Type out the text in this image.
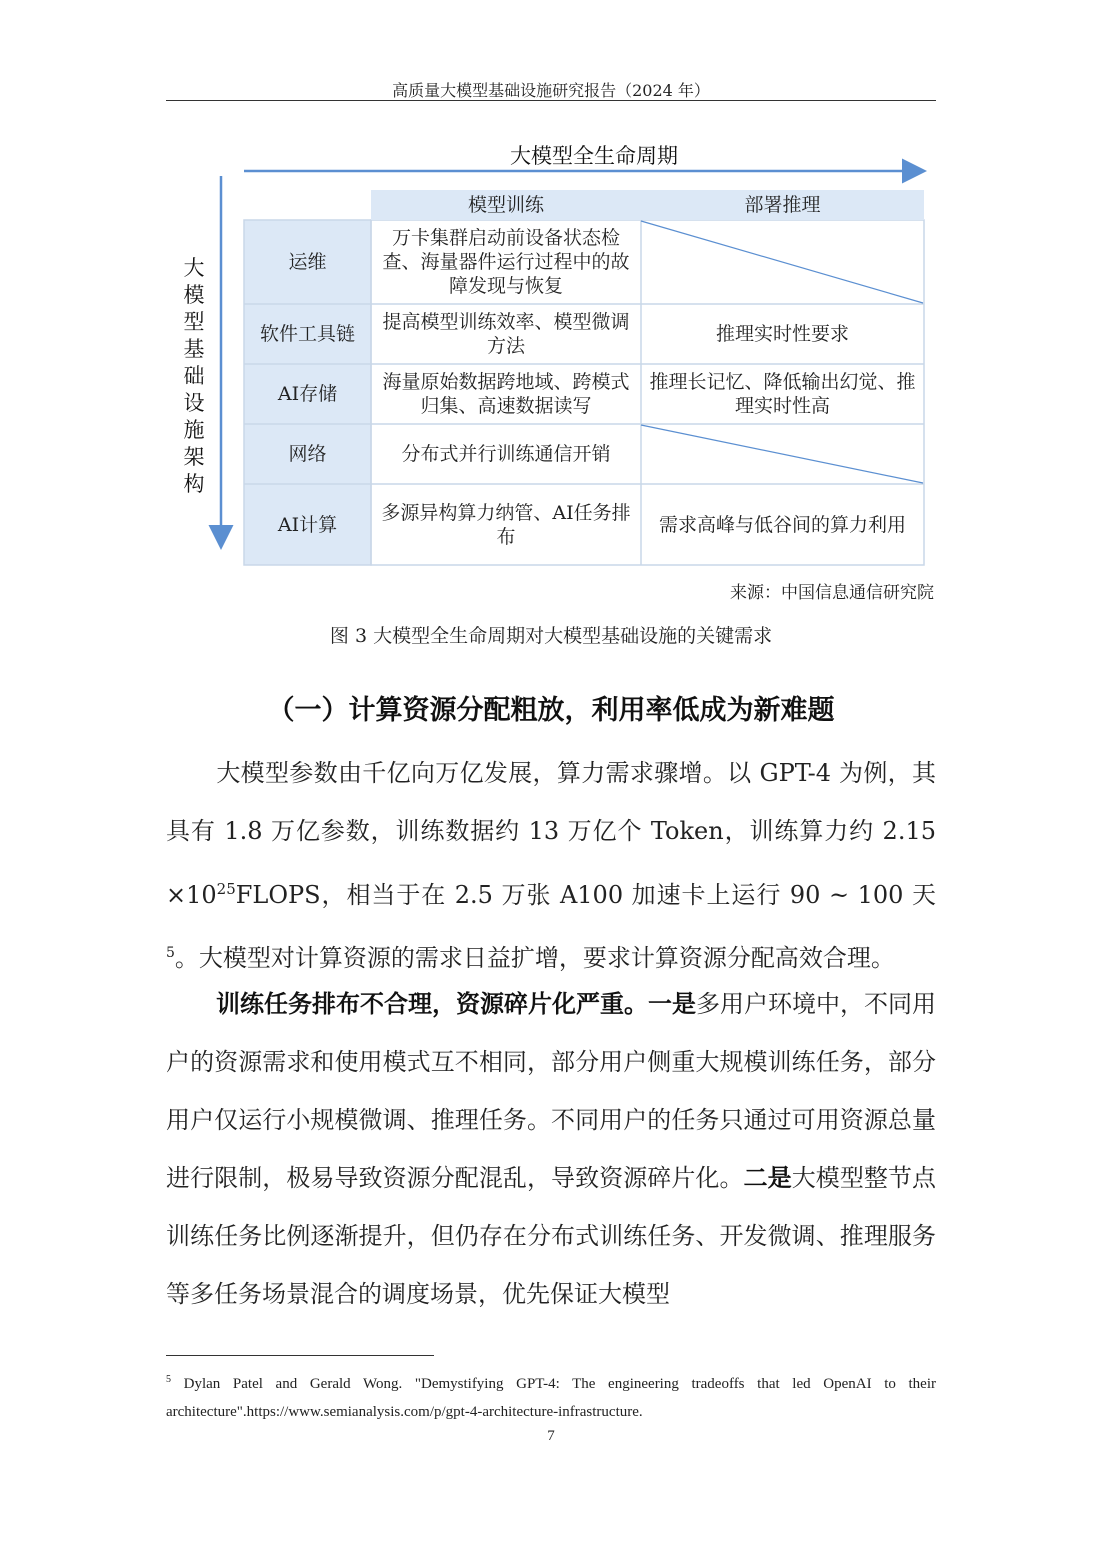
高质量大模型基础设施研究报告（2024 年）
大模型全生命周期
大
模
型
基
础
设
施
架
构
模型训练	部署推理
运维
软件工具链
AI存储
网络
AI计算
万卡集群启动前设备状态检查、海量器件运行过程中的故障发现与恢复
提高模型训练效率、模型微调方法
海量原始数据跨地域、跨模式归集、高速数据读写
分布式并行训练通信开销
多源异构算力纳管、AI任务排布
推理实时性要求
推理长记忆、降低输出幻觉、推理实时性高
需求高峰与低谷间的算力利用
来源：中国信息通信研究院
图 3 大模型全生命周期对大模型基础设施的关键需求
（一）计算资源分配粗放，利用率低成为新难题
大模型参数由千亿向万亿发展，算力需求骤增。以 GPT-4 为例，其具有 1.8 万亿参数，训练数据约 13 万亿个 Token，训练算力约 $2.15 \times 10^{25}FLOPS$，相当于在 2.5 万张 A100 加速卡上运行 90 ~ 100 天$^5$。大模型对计算资源的需求日益扩增，要求计算资源分配高效合理。
训练任务排布不合理，资源碎片化严重。一是多用户环境中，不同用户的资源需求和使用模式互不相同，部分用户侧重大规模训练任务，部分用户仅运行小规模微调、推理任务。不同用户的任务只通过可用资源总量进行限制，极易导致资源分配混乱，导致资源碎片化。二是大模型整节点训练任务比例逐渐提升，但仍存在分布式训练任务、开发微调、推理服务等多任务场景混合的调度场景，优先保证大模型
$^5$ Dylan Patel and Gerald Wong. "Demystifying GPT-4: The engineering tradeoffs that led OpenAI to their architecture".https://www.semianalysis.com/p/gpt-4-architecture-infrastructure.
7
